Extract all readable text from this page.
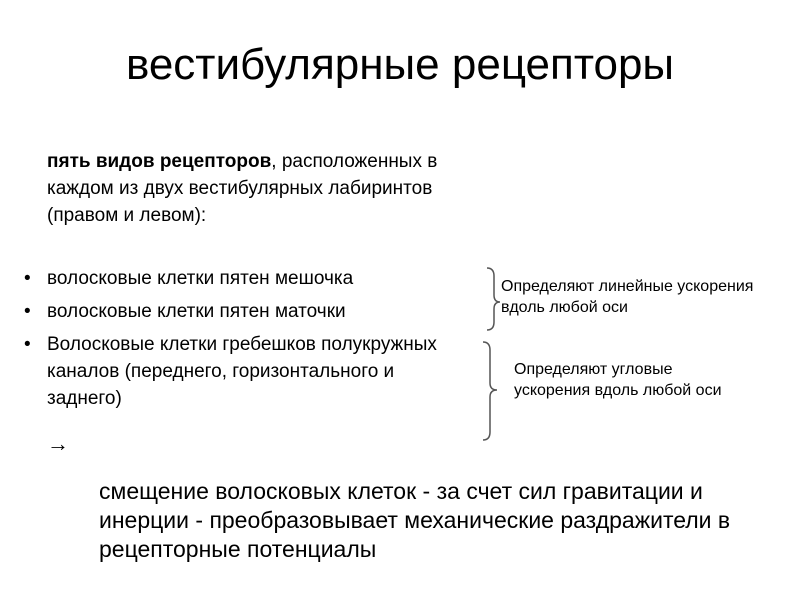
вестибулярные рецепторы
пять видов рецепторов, расположенных в каждом из двух вестибулярных лабиринтов (правом и левом):
• волосковые клетки пятен мешочка
• волосковые клетки пятен маточки
• Волосковые клетки гребешков полукружных каналов (переднего, горизонтального и заднего)
→
Определяют линейные ускорения вдоль любой оси
Определяют угловые ускорения вдоль любой оси
смещение волосковых клеток - за счет сил гравитации и инерции - преобразовывает механические раздражители в рецепторные потенциалы
